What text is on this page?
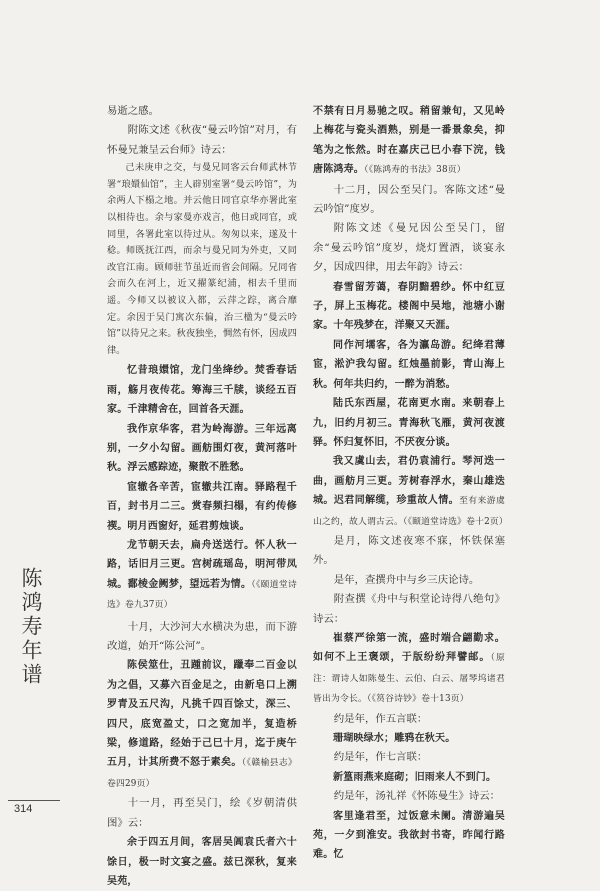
易逝之感。

附陈文述《秋夜“曼云吟馆”对月，有怀曼兄兼呈云台师》诗云：

己未庚申之交，与曼兄同客云台师武林节署“琅嬛仙馆”，主人辟别室署“曼云吟馆”，为余两人下榻之地。并云他日同官京华亦署此室以相待也。余与家曼亦戏言，他日或同官，或同里，各署此室以待过从。匆匆以来，遂及十稔。师既抚江西，而余与曼兄同为外吏，又同改官江南。顾师驻节虽近而省会间隔。兄同省会而久在河上，近又擢篆纪浦，相去千里而遥。今师又以被议入都，云萍之踪，离合靡定。余因于吴门寓次东偏，治三楹为“曼云吟馆”以待兄之来。秋夜独坐，惆然有怀，因成四律。

忆昔琅嬛馆，龙门坐绛纱。焚香春话雨，觞月夜传花。筹海三千牍，谈经五百家。千津精舍在，回首各天涯。

我作京华客，君为岭海游。三年远离别，一夕小勾留。画舫围灯夜，黄河落叶秋。浮云感踪迹，聚散不胜愁。

宦辙各辛苦，宦辙共江南。驿路程千百，封书月二三。赏春频扫榻，有约传修禊。明月西窗好，延君剪烛谈。

龙节朝天去，扁舟送送行。怀人秋一路，话旧月三更。宫树疏瑶岛，明河带凤城。鄱棱金阙梦，望远若为情。（《颐道堂诗选》卷九37页）

十月，大沙河大水横决为患，而下游改道，始开“陈公河”。

陈侯筮仕，丑踵前议，躐奉二百金以为之倡，又募六百金足之，由新皂口上溯罗青及五尺沟，凡挑千四百馀丈，深三、四尺，底宽盈丈，口之宽加半，复造桥梁，修道路，经始于己巳十月，迄于庚午五月，计其所费不怒于素矣。（《赣榆县志》卷四29页）

十一月，再至吴门，绘《岁朝清供图》云：

余于四五月间，客居吴阊袁氏者六十馀日，极一时文宴之盛。兹已深秋，复来吴苑，

不禁有日月易驰之叹。稍留兼旬，又见岭上梅花与瓷头酒熟，别是一番景象矣，抑笔为之怅然。时在嘉庆己巳小春下浣，钱唐陈鸿寿。（《陈鸿寿的书法》38页）

十二月，因公至吴门。客陈文述“曼云吟馆”度岁。

附陈文述《曼兄因公至吴门，留余“曼云吟馆”度岁，烧灯置酒，谈宴永夕，因成四律，用去年韵》诗云：

春雪留芳蔼，春阴黯碧纱。怀中红豆子，屏上玉梅花。楼阁中吴地，池塘小谢家。十年残梦在，洋聚又天涯。

同作河壖客，各为瀛岛游。纪绛君薄宦，淞沪我勾留。红烛墨前影，青山海上秋。何年共归约，一醉为消愁。

陆氏东西屋，花南更水南。来朝春上九，旧约月初三。青海秋飞雁，黄河夜渡驿。怀归复怀旧，不厌夜分谈。

我又虞山去，君仍袁浦行。琴河迭一曲，画舫月三更。芳树春浮水，秦山雄迭城。迟君同解缆，珍重故人情。至有来游虞山之约，故人谓古云。（《颐道堂诗选》卷十2页）

是月，陈文述夜寒不寐，怀铁保塞外。

是年，查撰舟中与乡三庆论诗。

附查撰《舟中与积堂论诗得八绝句》诗云：

崔蔡严徐第一流，盛时端合翩勤求。如何不上王褒颂，于版纷纷拜譬邮。（原注：谓诗人如陈曼生、云伯、白云、屠琴坞诸君皆出为令长。（《筼谷诗钞》卷十13页）

约是年，作五言联：

珊瑚映绿水；雕鸦在秋天。

约是年，作七言联：

新篁雨燕来庭砌；旧雨来人不到门。

约是年，汤礼祥《怀陈曼生》诗云：

客里逢君至，过饭意未阑。清游遍吴苑，一夕到淮安。我欲封书寄，昨闻行路难。忆

陈鸿寿年谱
314
